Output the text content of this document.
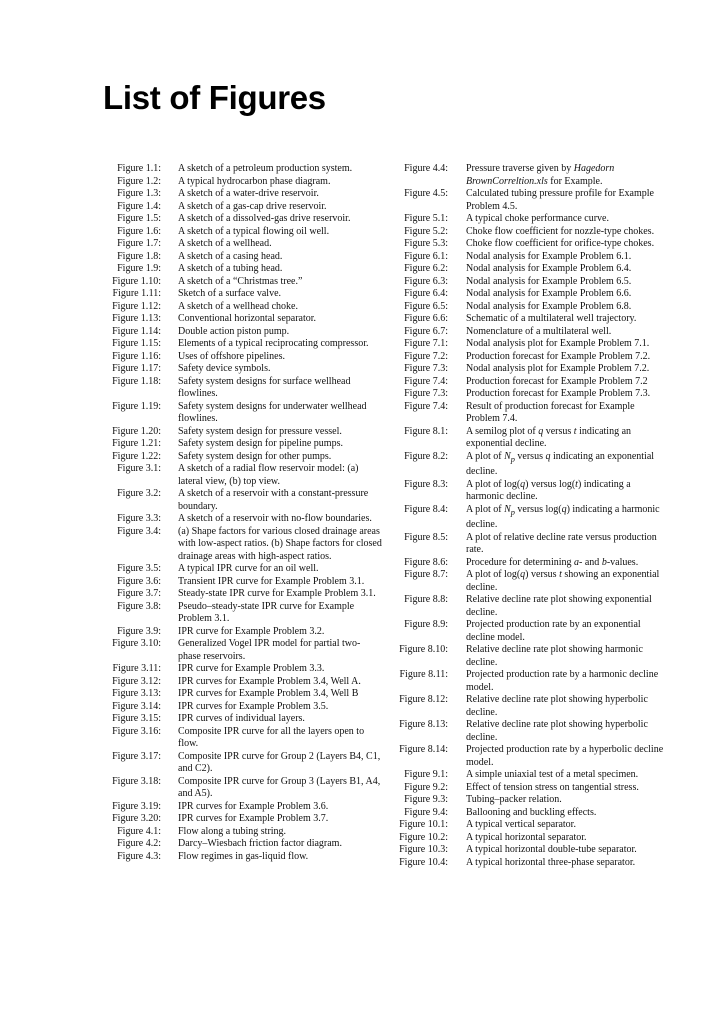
List of Figures
Figure 1.1:	A sketch of a petroleum production system.
Figure 1.2:	A typical hydrocarbon phase diagram.
Figure 1.3:	A sketch of a water-drive reservoir.
Figure 1.4:	A sketch of a gas-cap drive reservoir.
Figure 1.5:	A sketch of a dissolved-gas drive reservoir.
Figure 1.6:	A sketch of a typical flowing oil well.
Figure 1.7:	A sketch of a wellhead.
Figure 1.8:	A sketch of a casing head.
Figure 1.9:	A sketch of a tubing head.
Figure 1.10:	A sketch of a “Christmas tree.”
Figure 1.11:	Sketch of a surface valve.
Figure 1.12:	A sketch of a wellhead choke.
Figure 1.13:	Conventional horizontal separator.
Figure 1.14:	Double action piston pump.
Figure 1.15:	Elements of a typical reciprocating compressor.
Figure 1.16:	Uses of offshore pipelines.
Figure 1.17:	Safety device symbols.
Figure 1.18:	Safety system designs for surface wellhead flowlines.
Figure 1.19:	Safety system designs for underwater wellhead flowlines.
Figure 1.20:	Safety system design for pressure vessel.
Figure 1.21:	Safety system design for pipeline pumps.
Figure 1.22:	Safety system design for other pumps.
Figure 3.1:	A sketch of a radial flow reservoir model: (a) lateral view, (b) top view.
Figure 3.2:	A sketch of a reservoir with a constant-pressure boundary.
Figure 3.3:	A sketch of a reservoir with no-flow boundaries.
Figure 3.4:	(a) Shape factors for various closed drainage areas with low-aspect ratios. (b) Shape factors for closed drainage areas with high-aspect ratios.
Figure 3.5:	A typical IPR curve for an oil well.
Figure 3.6:	Transient IPR curve for Example Problem 3.1.
Figure 3.7:	Steady-state IPR curve for Example Problem 3.1.
Figure 3.8:	Pseudo–steady-state IPR curve for Example Problem 3.1.
Figure 3.9:	IPR curve for Example Problem 3.2.
Figure 3.10:	Generalized Vogel IPR model for partial two-phase reservoirs.
Figure 3.11:	IPR curve for Example Problem 3.3.
Figure 3.12:	IPR curves for Example Problem 3.4, Well A.
Figure 3.13:	IPR curves for Example Problem 3.4, Well B
Figure 3.14:	IPR curves for Example Problem 3.5.
Figure 3.15:	IPR curves of individual layers.
Figure 3.16:	Composite IPR curve for all the layers open to flow.
Figure 3.17:	Composite IPR curve for Group 2 (Layers B4, C1, and C2).
Figure 3.18:	Composite IPR curve for Group 3 (Layers B1, A4, and A5).
Figure 3.19:	IPR curves for Example Problem 3.6.
Figure 3.20:	IPR curves for Example Problem 3.7.
Figure 4.1:	Flow along a tubing string.
Figure 4.2:	Darcy–Wiesbach friction factor diagram.
Figure 4.3:	Flow regimes in gas-liquid flow.
Figure 4.4:	Pressure traverse given by Hagedorn BrownCorreltion.xls for Example.
Figure 4.5:	Calculated tubing pressure profile for Example Problem 4.5.
Figure 5.1:	A typical choke performance curve.
Figure 5.2:	Choke flow coefficient for nozzle-type chokes.
Figure 5.3:	Choke flow coefficient for orifice-type chokes.
Figure 6.1:	Nodal analysis for Example Problem 6.1.
Figure 6.2:	Nodal analysis for Example Problem 6.4.
Figure 6.3:	Nodal analysis for Example Problem 6.5.
Figure 6.4:	Nodal analysis for Example Problem 6.6.
Figure 6.5:	Nodal analysis for Example Problem 6.8.
Figure 6.6:	Schematic of a multilateral well trajectory.
Figure 6.7:	Nomenclature of a multilateral well.
Figure 7.1:	Nodal analysis plot for Example Problem 7.1.
Figure 7.2:	Production forecast for Example Problem 7.2.
Figure 7.3:	Nodal analysis plot for Example Problem 7.2.
Figure 7.4:	Production forecast for Example Problem 7.2
Figure 7.3:	Production forecast for Example Problem 7.3.
Figure 7.4:	Result of production forecast for Example Problem 7.4.
Figure 8.1:	A semilog plot of q versus t indicating an exponential decline.
Figure 8.2:	A plot of $N_p$ versus q indicating an exponential decline.
Figure 8.3:	A plot of log(q) versus log(t) indicating a harmonic decline.
Figure 8.4:	A plot of $N_p$ versus log(q) indicating a harmonic decline.
Figure 8.5:	A plot of relative decline rate versus production rate.
Figure 8.6:	Procedure for determining a- and b-values.
Figure 8.7:	A plot of log(q) versus t showing an exponential decline.
Figure 8.8:	Relative decline rate plot showing exponential decline.
Figure 8.9:	Projected production rate by an exponential decline model.
Figure 8.10:	Relative decline rate plot showing harmonic decline.
Figure 8.11:	Projected production rate by a harmonic decline model.
Figure 8.12:	Relative decline rate plot showing hyperbolic decline.
Figure 8.13:	Relative decline rate plot showing hyperbolic decline.
Figure 8.14:	Projected production rate by a hyperbolic decline model.
Figure 9.1:	A simple uniaxial test of a metal specimen.
Figure 9.2:	Effect of tension stress on tangential stress.
Figure 9.3:	Tubing–packer relation.
Figure 9.4:	Ballooning and buckling effects.
Figure 10.1:	A typical vertical separator.
Figure 10.2:	A typical horizontal separator.
Figure 10.3:	A typical horizontal double-tube separator.
Figure 10.4:	A typical horizontal three-phase separator.
